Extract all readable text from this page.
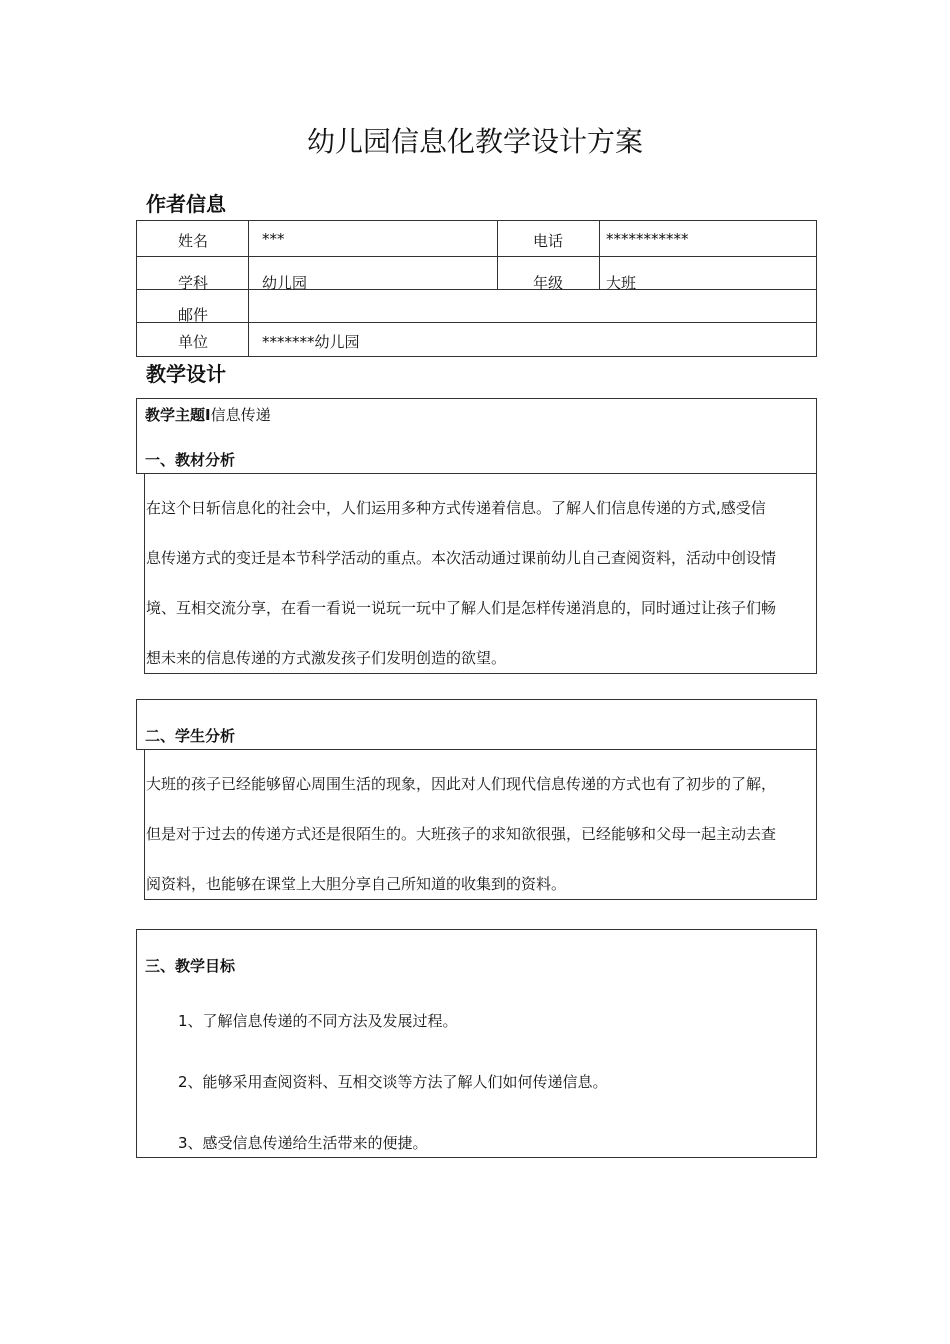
幼儿园信息化教学设计方案
作者信息
姓名	***	电话	***********
学科	幼儿园	年级	大班
邮件
单位	*******幼儿园
教学设计
教学主题Ⅰ信息传递
一、教材分析
在这个日斩信息化的社会中，人们运用多种方式传递着信息。了解人们信息传递的方式,感受信
息传递方式的变迁是本节科学活动的重点。本次活动通过课前幼儿自己查阅资料，活动中创设情
境、互相交流分享，在看一看说一说玩一玩中了解人们是怎样传递消息的，同时通过让孩子们畅
想未来的信息传递的方式激发孩子们发明创造的欲望。
二、学生分析
大班的孩子已经能够留心周围生活的现象，因此对人们现代信息传递的方式也有了初步的了解，
但是对于过去的传递方式还是很陌生的。大班孩子的求知欲很强，已经能够和父母一起主动去查
阅资料，也能够在课堂上大胆分享自己所知道的收集到的资料。
三、教学目标
1、了解信息传递的不同方法及发展过程。
2、能够采用查阅资料、互相交谈等方法了解人们如何传递信息。
3、感受信息传递给生活带来的便捷。
